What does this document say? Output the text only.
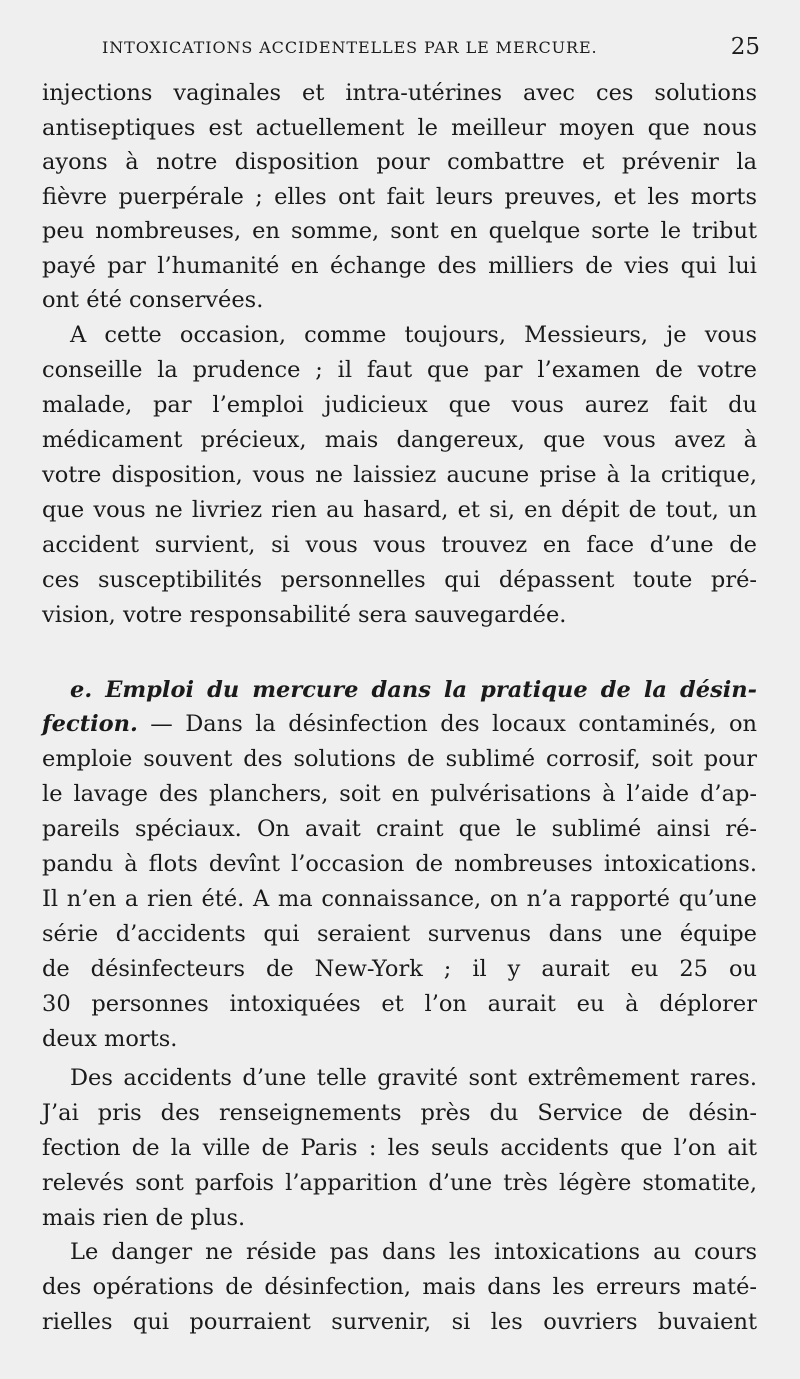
INTOXICATIONS ACCIDENTELLES PAR LE MERCURE.	25
injections vaginales et intra-utérines avec ces solutions
antiseptiques est actuellement le meilleur moyen que nous
ayons à notre disposition pour combattre et prévenir la
fièvre puerpérale ; elles ont fait leurs preuves, et les morts
peu nombreuses, en somme, sont en quelque sorte le tribut
payé par l’humanité en échange des milliers de vies qui lui
ont été conservées.
A cette occasion, comme toujours, Messieurs, je vous
conseille la prudence ; il faut que par l’examen de votre
malade, par l’emploi judicieux que vous aurez fait du
médicament précieux, mais dangereux, que vous avez à
votre disposition, vous ne laissiez aucune prise à la critique,
que vous ne livriez rien au hasard, et si, en dépit de tout, un
accident survient, si vous vous trouvez en face d’une de
ces susceptibilités personnelles qui dépassent toute pré-
vision, votre responsabilité sera sauvegardée.
e. Emploi du mercure dans la pratique de la désin-
fection. — Dans la désinfection des locaux contaminés, on
emploie souvent des solutions de sublimé corrosif, soit pour
le lavage des planchers, soit en pulvérisations à l’aide d’ap-
pareils spéciaux. On avait craint que le sublimé ainsi ré-
pandu à flots devînt l’occasion de nombreuses intoxications.
Il n’en a rien été. A ma connaissance, on n’a rapporté qu’une
série d’accidents qui seraient survenus dans une équipe
de désinfecteurs de New-York ; il y aurait eu 25 ou
30 personnes intoxiquées et l’on aurait eu à déplorer
deux morts.
Des accidents d’une telle gravité sont extrêmement rares.
J’ai pris des renseignements près du Service de désin-
fection de la ville de Paris : les seuls accidents que l’on ait
relevés sont parfois l’apparition d’une très légère stomatite,
mais rien de plus.
Le danger ne réside pas dans les intoxications au cours
des opérations de désinfection, mais dans les erreurs maté-
rielles qui pourraient survenir, si les ouvriers buvaient
